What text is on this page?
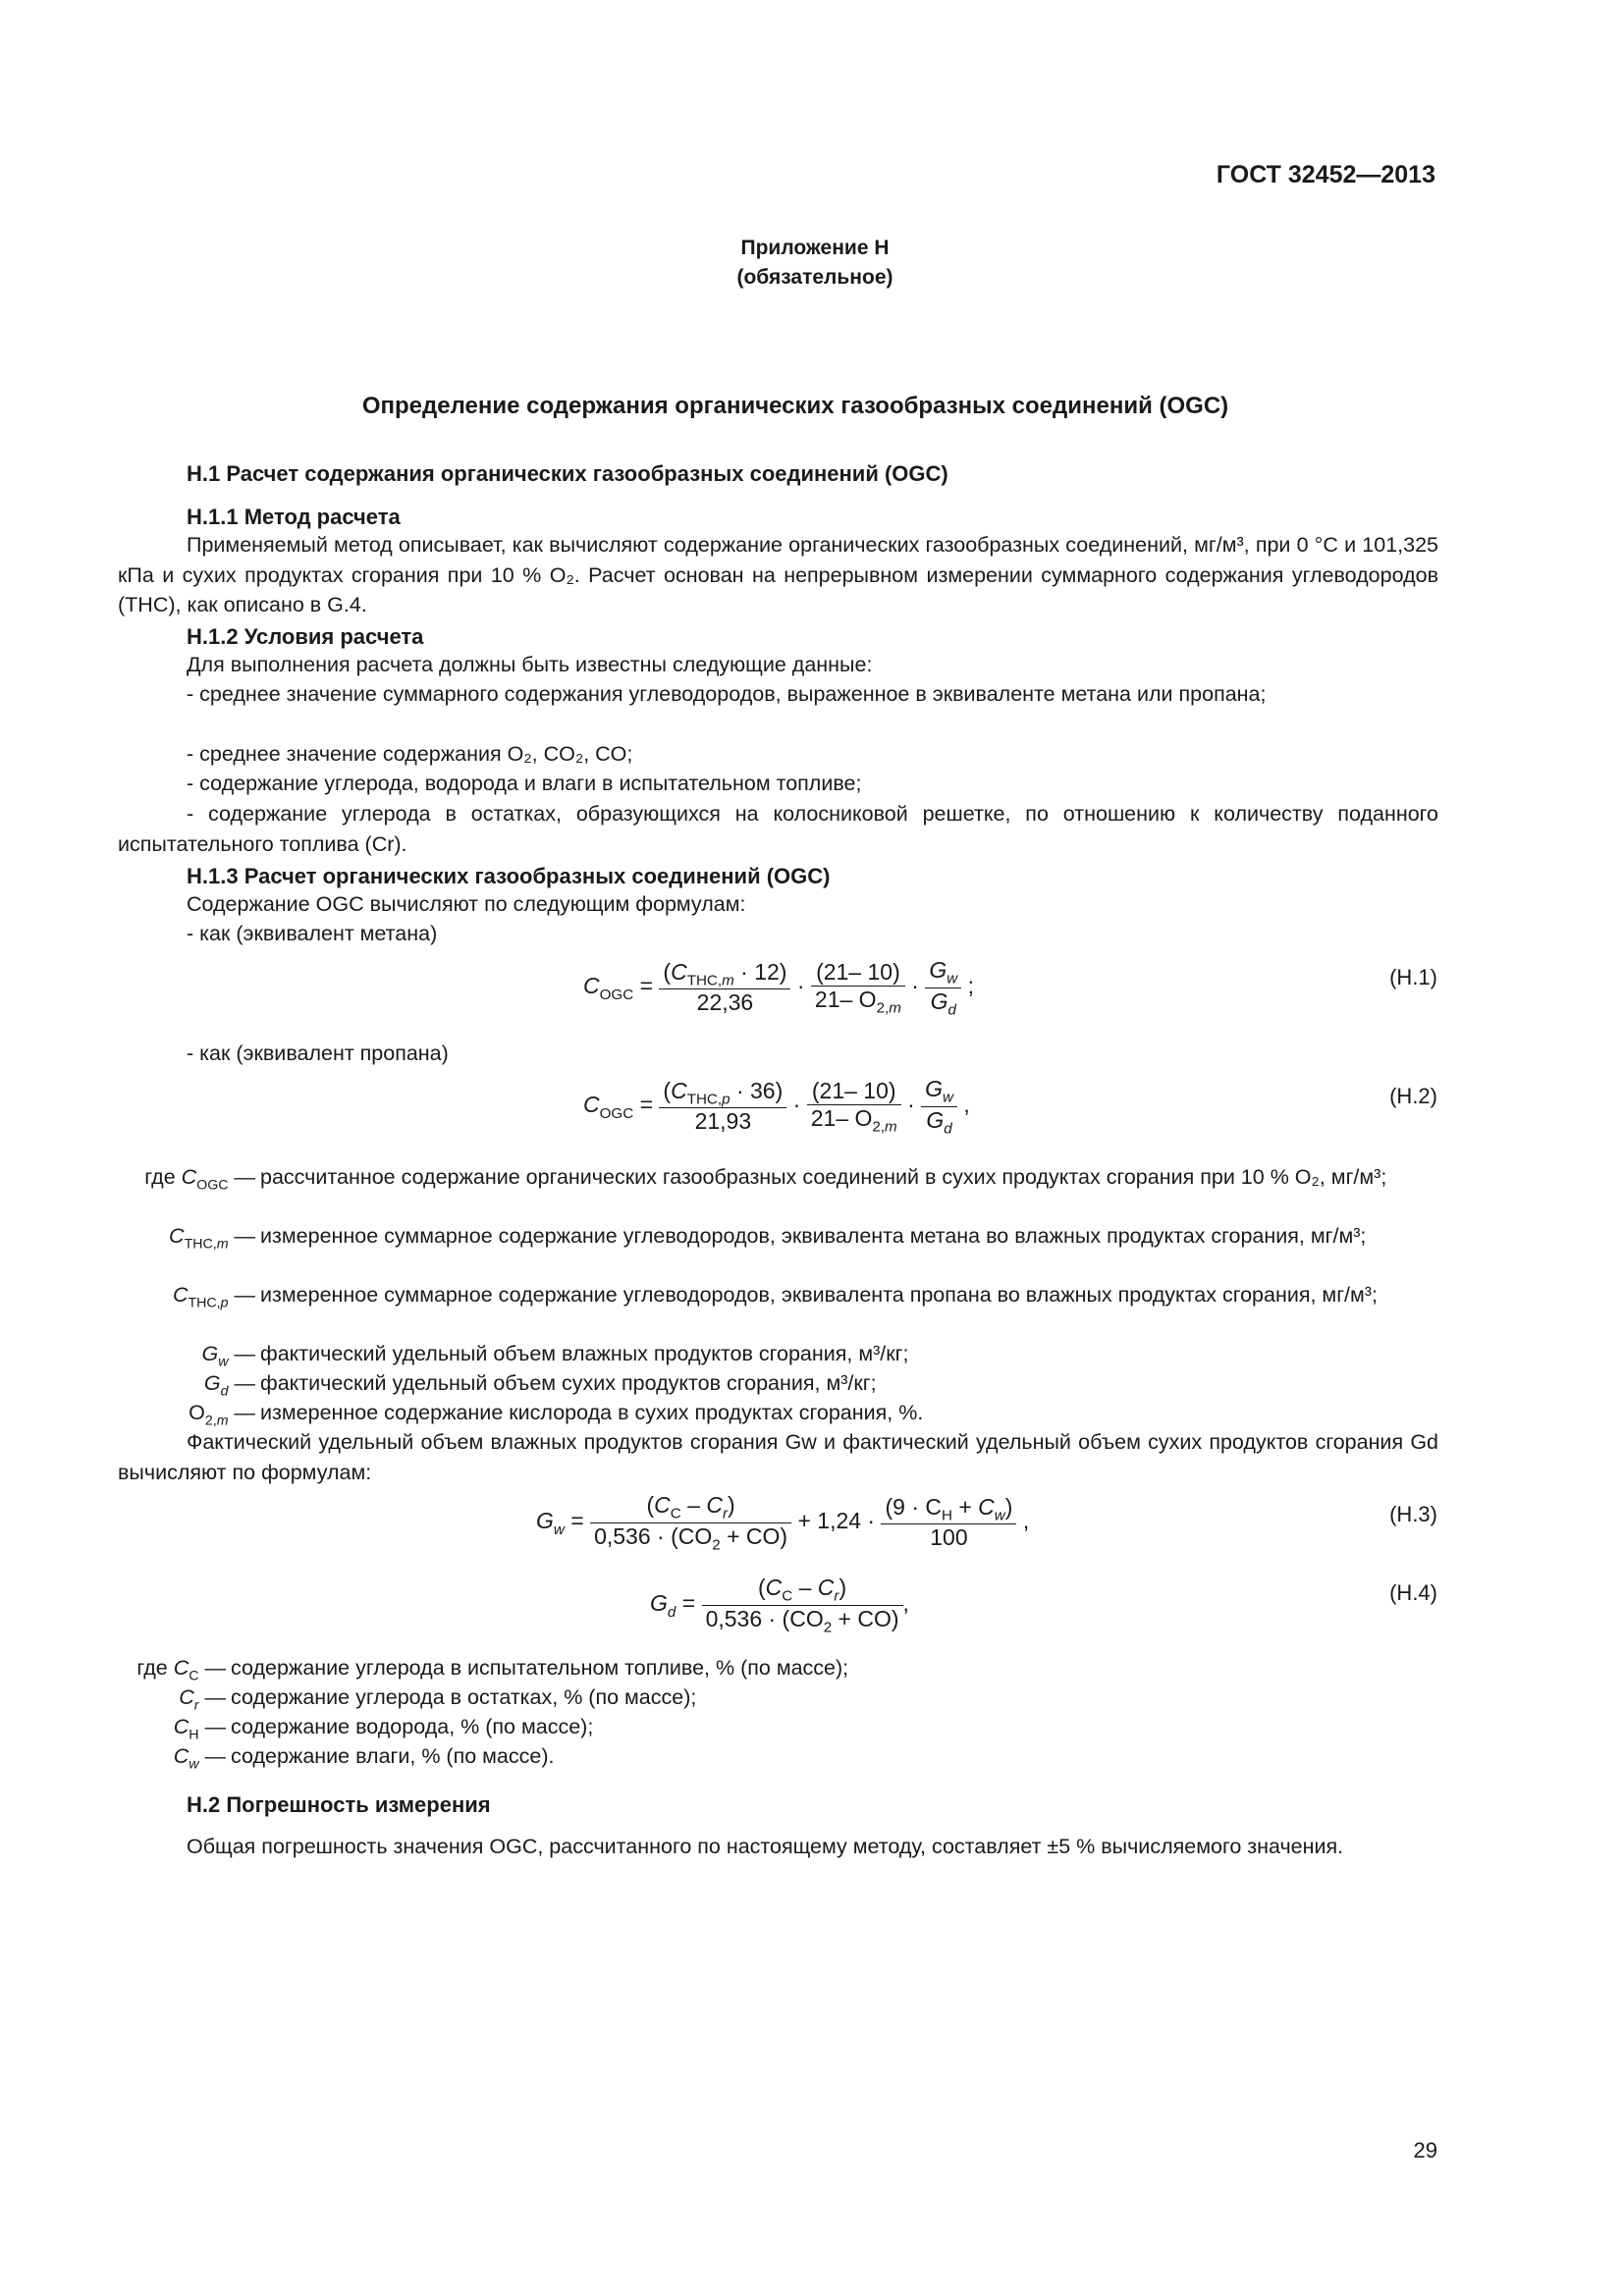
ГОСТ 32452—2013
Приложение Н
(обязательное)
Определение содержания органических газообразных соединений (OGC)
Н.1 Расчет содержания органических газообразных соединений (OGC)
Н.1.1 Метод расчета
Применяемый метод описывает, как вычисляют содержание органических газообразных соединений, мг/м³, при 0 °С и 101,325 кПа и сухих продуктах сгорания при 10 % O₂. Расчет основан на непрерывном измерении суммарного содержания углеводородов (THC), как описано в G.4.
Н.1.2 Условия расчета
Для выполнения расчета должны быть известны следующие данные:
- среднее значение суммарного содержания углеводородов, выраженное в эквиваленте метана или пропана;
- среднее значение содержания O₂, CO₂, CO;
- содержание углерода, водорода и влаги в испытательном топливе;
- содержание углерода в остатках, образующихся на колосниковой решетке, по отношению к количеству поданного испытательного топлива (Cr).
Н.1.3 Расчет органических газообразных соединений (OGC)
Содержание OGC вычисляют по следующим формулам:
- как (эквивалент метана)
$C_{OGC} = \frac{(C_{THC,m} \cdot 12)}{22,36} \cdot \frac{(21- 10)}{21- O_{2,m}} \cdot \frac{G_w}{G_d}$ ;	(Н.1)
- как (эквивалент пропана)
$C_{OGC} = \frac{(C_{THC,p} \cdot 36)}{21,93} \cdot \frac{(21- 10)}{21- O_{2,m}} \cdot \frac{G_w}{G_d}$ ,	(Н.2)
где $C_{OGC}$ — рассчитанное содержание органических газообразных соединений в сухих продуктах сгорания при 10 % O₂, мг/м³;
$C_{THC,m}$ — измеренное суммарное содержание углеводородов, эквивалента метана во влажных продуктах сгорания, мг/м³;
$C_{THC,p}$ — измеренное суммарное содержание углеводородов, эквивалента пропана во влажных продуктах сгорания, мг/м³;
$G_w$ — фактический удельный объем влажных продуктов сгорания, м³/кг;
$G_d$ — фактический удельный объем сухих продуктов сгорания, м³/кг;
$O_{2,m}$ — измеренное содержание кислорода в сухих продуктах сгорания, %.
Фактический удельный объем влажных продуктов сгорания Gw и фактический удельный объем сухих продуктов сгорания Gd вычисляют по формулам:
$G_w = \frac{(C_C - C_r)}{0,536 \cdot (CO_2 + CO)} + 1,24 \cdot \frac{(9 \cdot C_H + C_w)}{100}$ ,	(Н.3)
$G_d = \frac{(C_C - C_r)}{0,536 \cdot (CO_2 + CO)}$ ,	(Н.4)
где $C_C$ — содержание углерода в испытательном топливе, % (по массе);
$C_r$ — содержание углерода в остатках, % (по массе);
$C_H$ — содержание водорода, % (по массе);
$C_w$ — содержание влаги, % (по массе).
Н.2 Погрешность измерения
Общая погрешность значения OGC, рассчитанного по настоящему методу, составляет ±5 % вычисляемого значения.
29
